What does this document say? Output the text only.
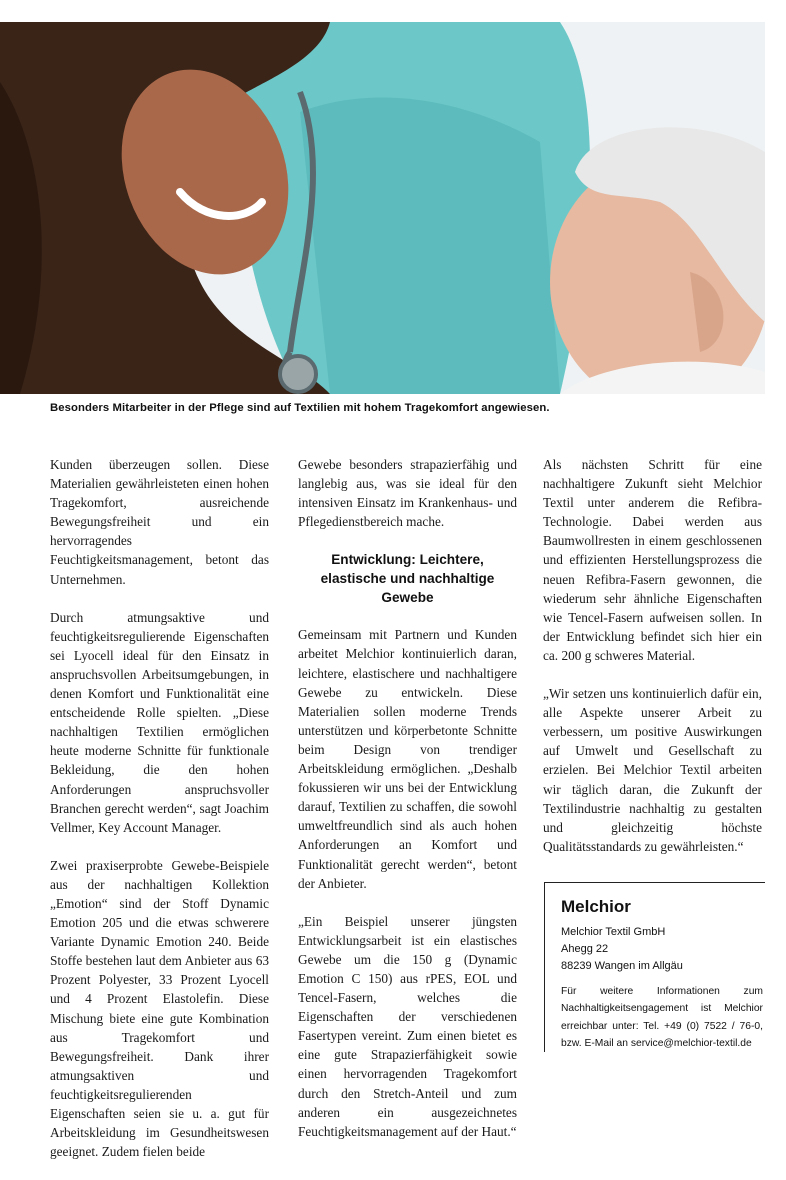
Besonders Mitarbeiter in der Pflege sind auf Textilien mit hohem Tragekomfort angewiesen.

Kunden überzeugen sollen. Diese Materialien gewährleisteten einen hohen Tragekomfort, ausreichende Bewegungsfreiheit und ein hervorragendes Feuchtigkeitsmanagement, betont das Unternehmen.

Durch atmungsaktive und feuchtigkeitsregulierende Eigenschaften sei Lyocell ideal für den Einsatz in anspruchsvollen Arbeitsumgebungen, in denen Komfort und Funktionalität eine entscheidende Rolle spielten. „Diese nachhaltigen Textilien ermöglichen heute moderne Schnitte für funktionale Bekleidung, die den hohen Anforderungen anspruchsvoller Branchen gerecht werden“, sagt Joachim Vellmer, Key Account Manager.

Zwei praxiserprobte Gewebe-Beispiele aus der nachhaltigen Kollektion „Emotion“ sind der Stoff Dynamic Emotion 205 und die etwas schwerere Variante Dynamic Emotion 240. Beide Stoffe bestehen laut dem Anbieter aus 63 Prozent Polyester, 33 Prozent Lyocell und 4 Prozent Elastolefin. Diese Mischung biete eine gute Kombination aus Tragekomfort und Bewegungsfreiheit. Dank ihrer atmungsaktiven und feuchtigkeitsregulierenden Eigenschaften seien sie u. a. gut für Arbeitskleidung im Gesundheitswesen geeignet. Zudem fielen beide

Gewebe besonders strapazierfähig und langlebig aus, was sie ideal für den intensiven Einsatz im Krankenhaus- und Pflegedienstbereich mache.

Entwicklung: Leichtere, elastische und nachhaltige Gewebe

Gemeinsam mit Partnern und Kunden arbeitet Melchior kontinuierlich daran, leichtere, elastischere und nachhaltigere Gewebe zu entwickeln. Diese Materialien sollen moderne Trends unterstützen und körperbetonte Schnitte beim Design von trendiger Arbeitskleidung ermöglichen. „Deshalb fokussieren wir uns bei der Entwicklung darauf, Textilien zu schaffen, die sowohl umweltfreundlich sind als auch hohen Anforderungen an Komfort und Funktionalität gerecht werden“, betont der Anbieter.

„Ein Beispiel unserer jüngsten Entwicklungsarbeit ist ein elastisches Gewebe um die 150 g (Dynamic Emotion C 150) aus rPES, EOL und Tencel-Fasern, welches die Eigenschaften der verschiedenen Fasertypen vereint. Zum einen bietet es eine gute Strapazierfähigkeit sowie einen hervorragenden Tragekomfort durch den Stretch-Anteil und zum anderen ein ausgezeichnetes Feuchtigkeitsmanagement auf der Haut.“

Als nächsten Schritt für eine nachhaltigere Zukunft sieht Melchior Textil unter anderem die Refibra-Technologie. Dabei werden aus Baumwollresten in einem geschlossenen und effizienten Herstellungsprozess die neuen Refibra-Fasern gewonnen, die wiederum sehr ähnliche Eigenschaften wie Tencel-Fasern aufweisen sollen. In der Entwicklung befindet sich hier ein ca. 200 g schweres Material.

„Wir setzen uns kontinuierlich dafür ein, alle Aspekte unserer Arbeit zu verbessern, um positive Auswirkungen auf Umwelt und Gesellschaft zu erzielen. Bei Melchior Textil arbeiten wir täglich daran, die Zukunft der Textilindustrie nachhaltig zu gestalten und gleichzeitig höchste Qualitätsstandards zu gewährleisten.“

Melchior
Melchior Textil GmbH
Ahegg 22
88239 Wangen im Allgäu
Für weitere Informationen zum Nachhaltigkeitsengagement ist Melchior erreichbar unter: Tel. +49 (0) 7522 / 76-0, bzw. E-Mail an service@melchior-textil.de
